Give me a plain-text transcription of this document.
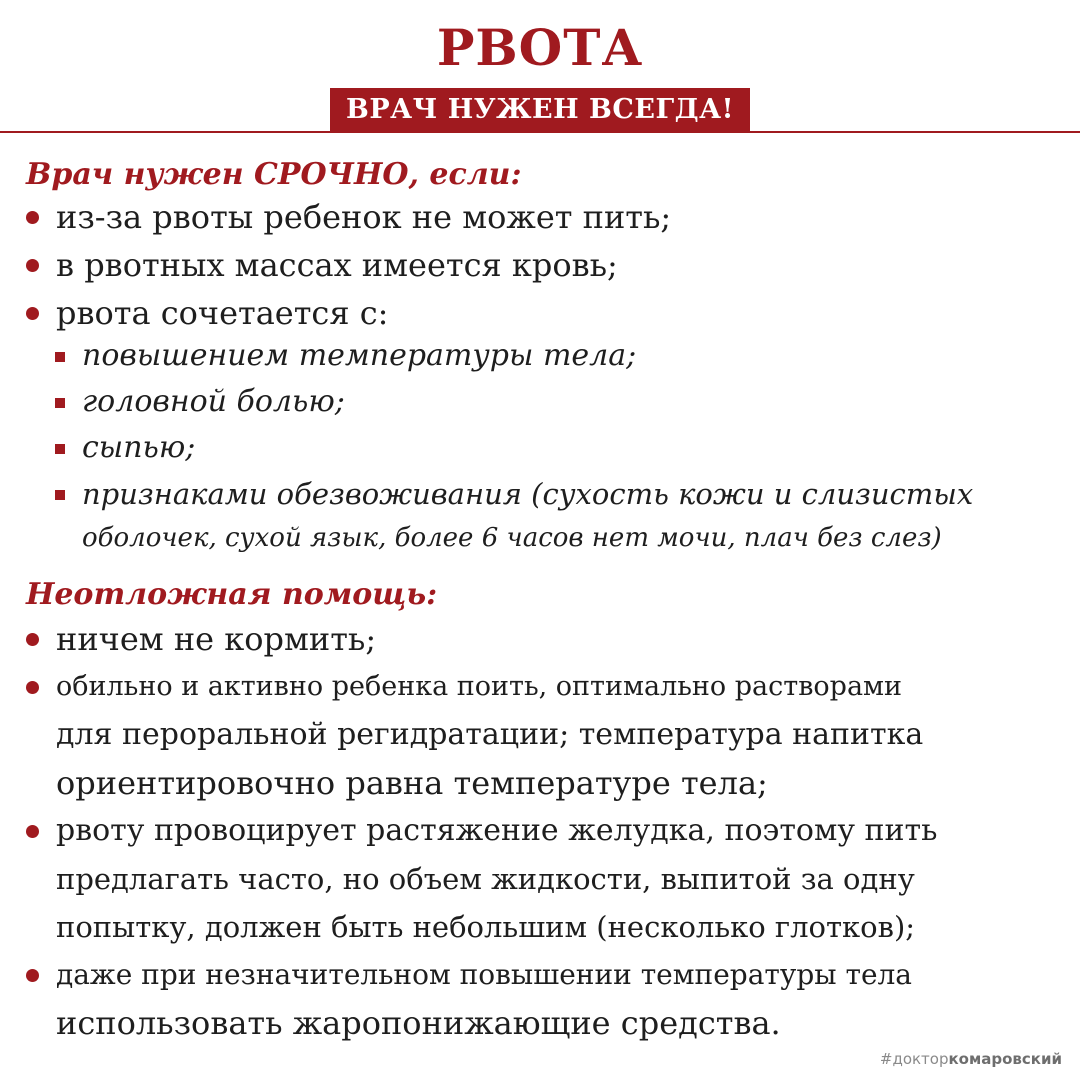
РВОТА
ВРАЧ НУЖЕН ВСЕГДА!
Врач нужен СРОЧНО, если:
из-за рвоты ребенок не может пить;
в рвотных массах имеется кровь;
рвота сочетается с:
повышением температуры тела;
головной болью;
сыпью;
признаками обезвоживания (сухость кожи и слизистых
оболочек, сухой язык, более 6 часов нет мочи, плач без слез)
Неотложная помощь:
ничем не кормить;
обильно и активно ребенка поить, оптимально растворами
для пероральной регидратации; температура напитка
ориентировочно равна температуре тела;
рвоту провоцирует растяжение желудка, поэтому пить
предлагать часто, но объем жидкости, выпитой за одну
попытку, должен быть небольшим (несколько глотков);
даже при незначительном повышении температуры тела
использовать жаропонижающие средства.
#докторкомаровский
